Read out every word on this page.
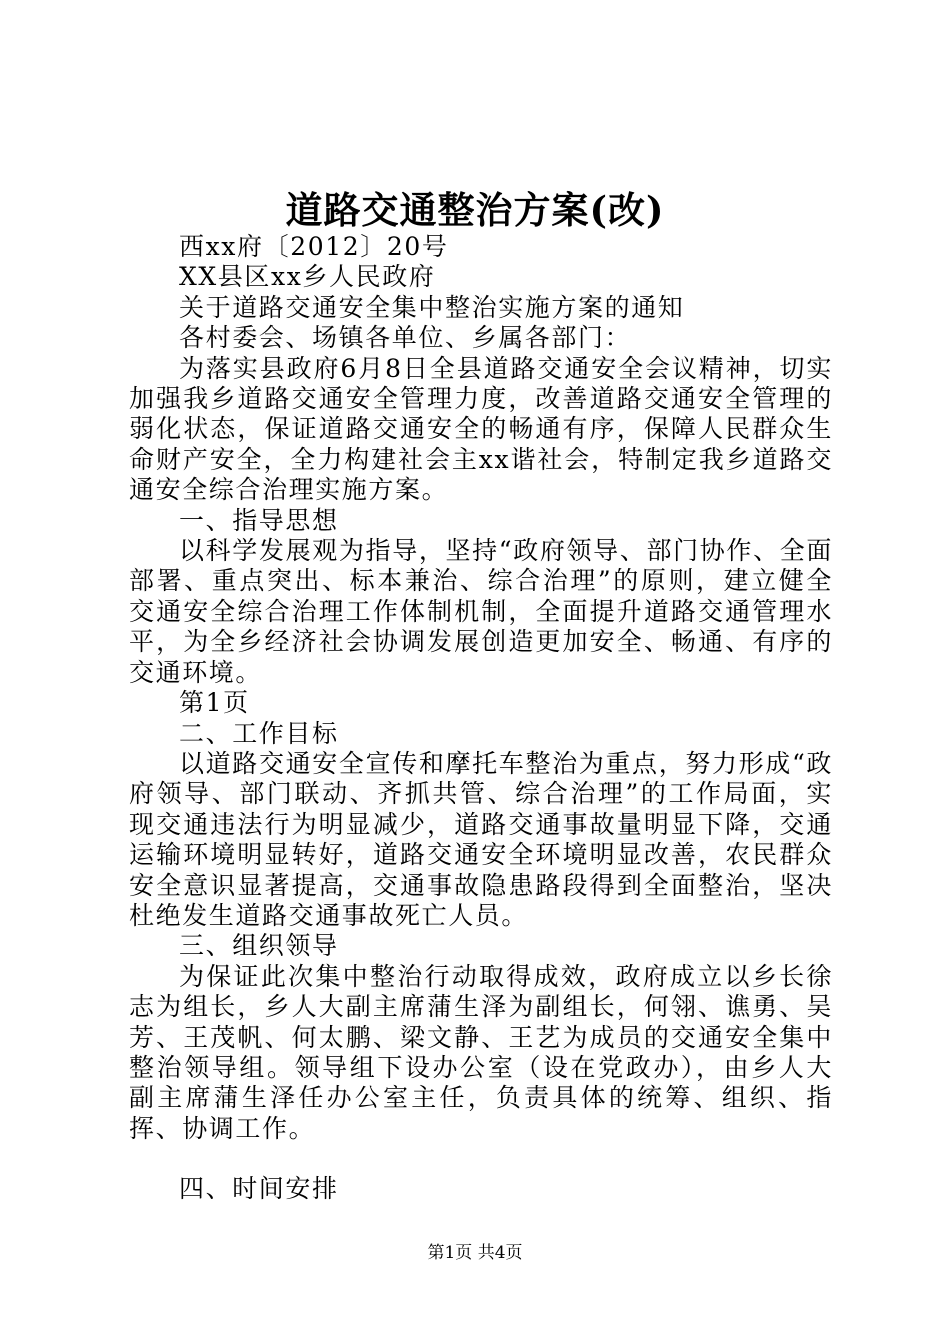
道路交通整治方案(改)

西xx府〔2012〕20号

XX县区xx乡人民政府

关于道路交通安全集中整治实施方案的通知

各村委会、场镇各单位、乡属各部门：

为落实县政府6月8日全县道路交通安全会议精神，切实加强我乡道路交通安全管理力度，改善道路交通安全管理的弱化状态，保证道路交通安全的畅通有序，保障人民群众生命财产安全，全力构建社会主xx谐社会，特制定我乡道路交通安全综合治理实施方案。

一、指导思想

以科学发展观为指导，坚持“政府领导、部门协作、全面部署、重点突出、标本兼治、综合治理”的原则，建立健全交通安全综合治理工作体制机制，全面提升道路交通管理水平，为全乡经济社会协调发展创造更加安全、畅通、有序的交通环境。

第1页

二、工作目标

以道路交通安全宣传和摩托车整治为重点，努力形成“政府领导、部门联动、齐抓共管、综合治理”的工作局面，实现交通违法行为明显减少，道路交通事故量明显下降，交通运输环境明显转好，道路交通安全环境明显改善，农民群众安全意识显著提高，交通事故隐患路段得到全面整治，坚决杜绝发生道路交通事故死亡人员。

三、组织领导

为保证此次集中整治行动取得成效，政府成立以乡长徐志为组长，乡人大副主席蒲生泽为副组长，何翎、谯勇、吴芳、王茂帆、何太鹏、梁文静、王艺为成员的交通安全集中整治领导组。领导组下设办公室（设在党政办），由乡人大副主席蒲生泽任办公室主任，负责具体的统筹、组织、指挥、协调工作。

四、时间安排

第1页 共4页
